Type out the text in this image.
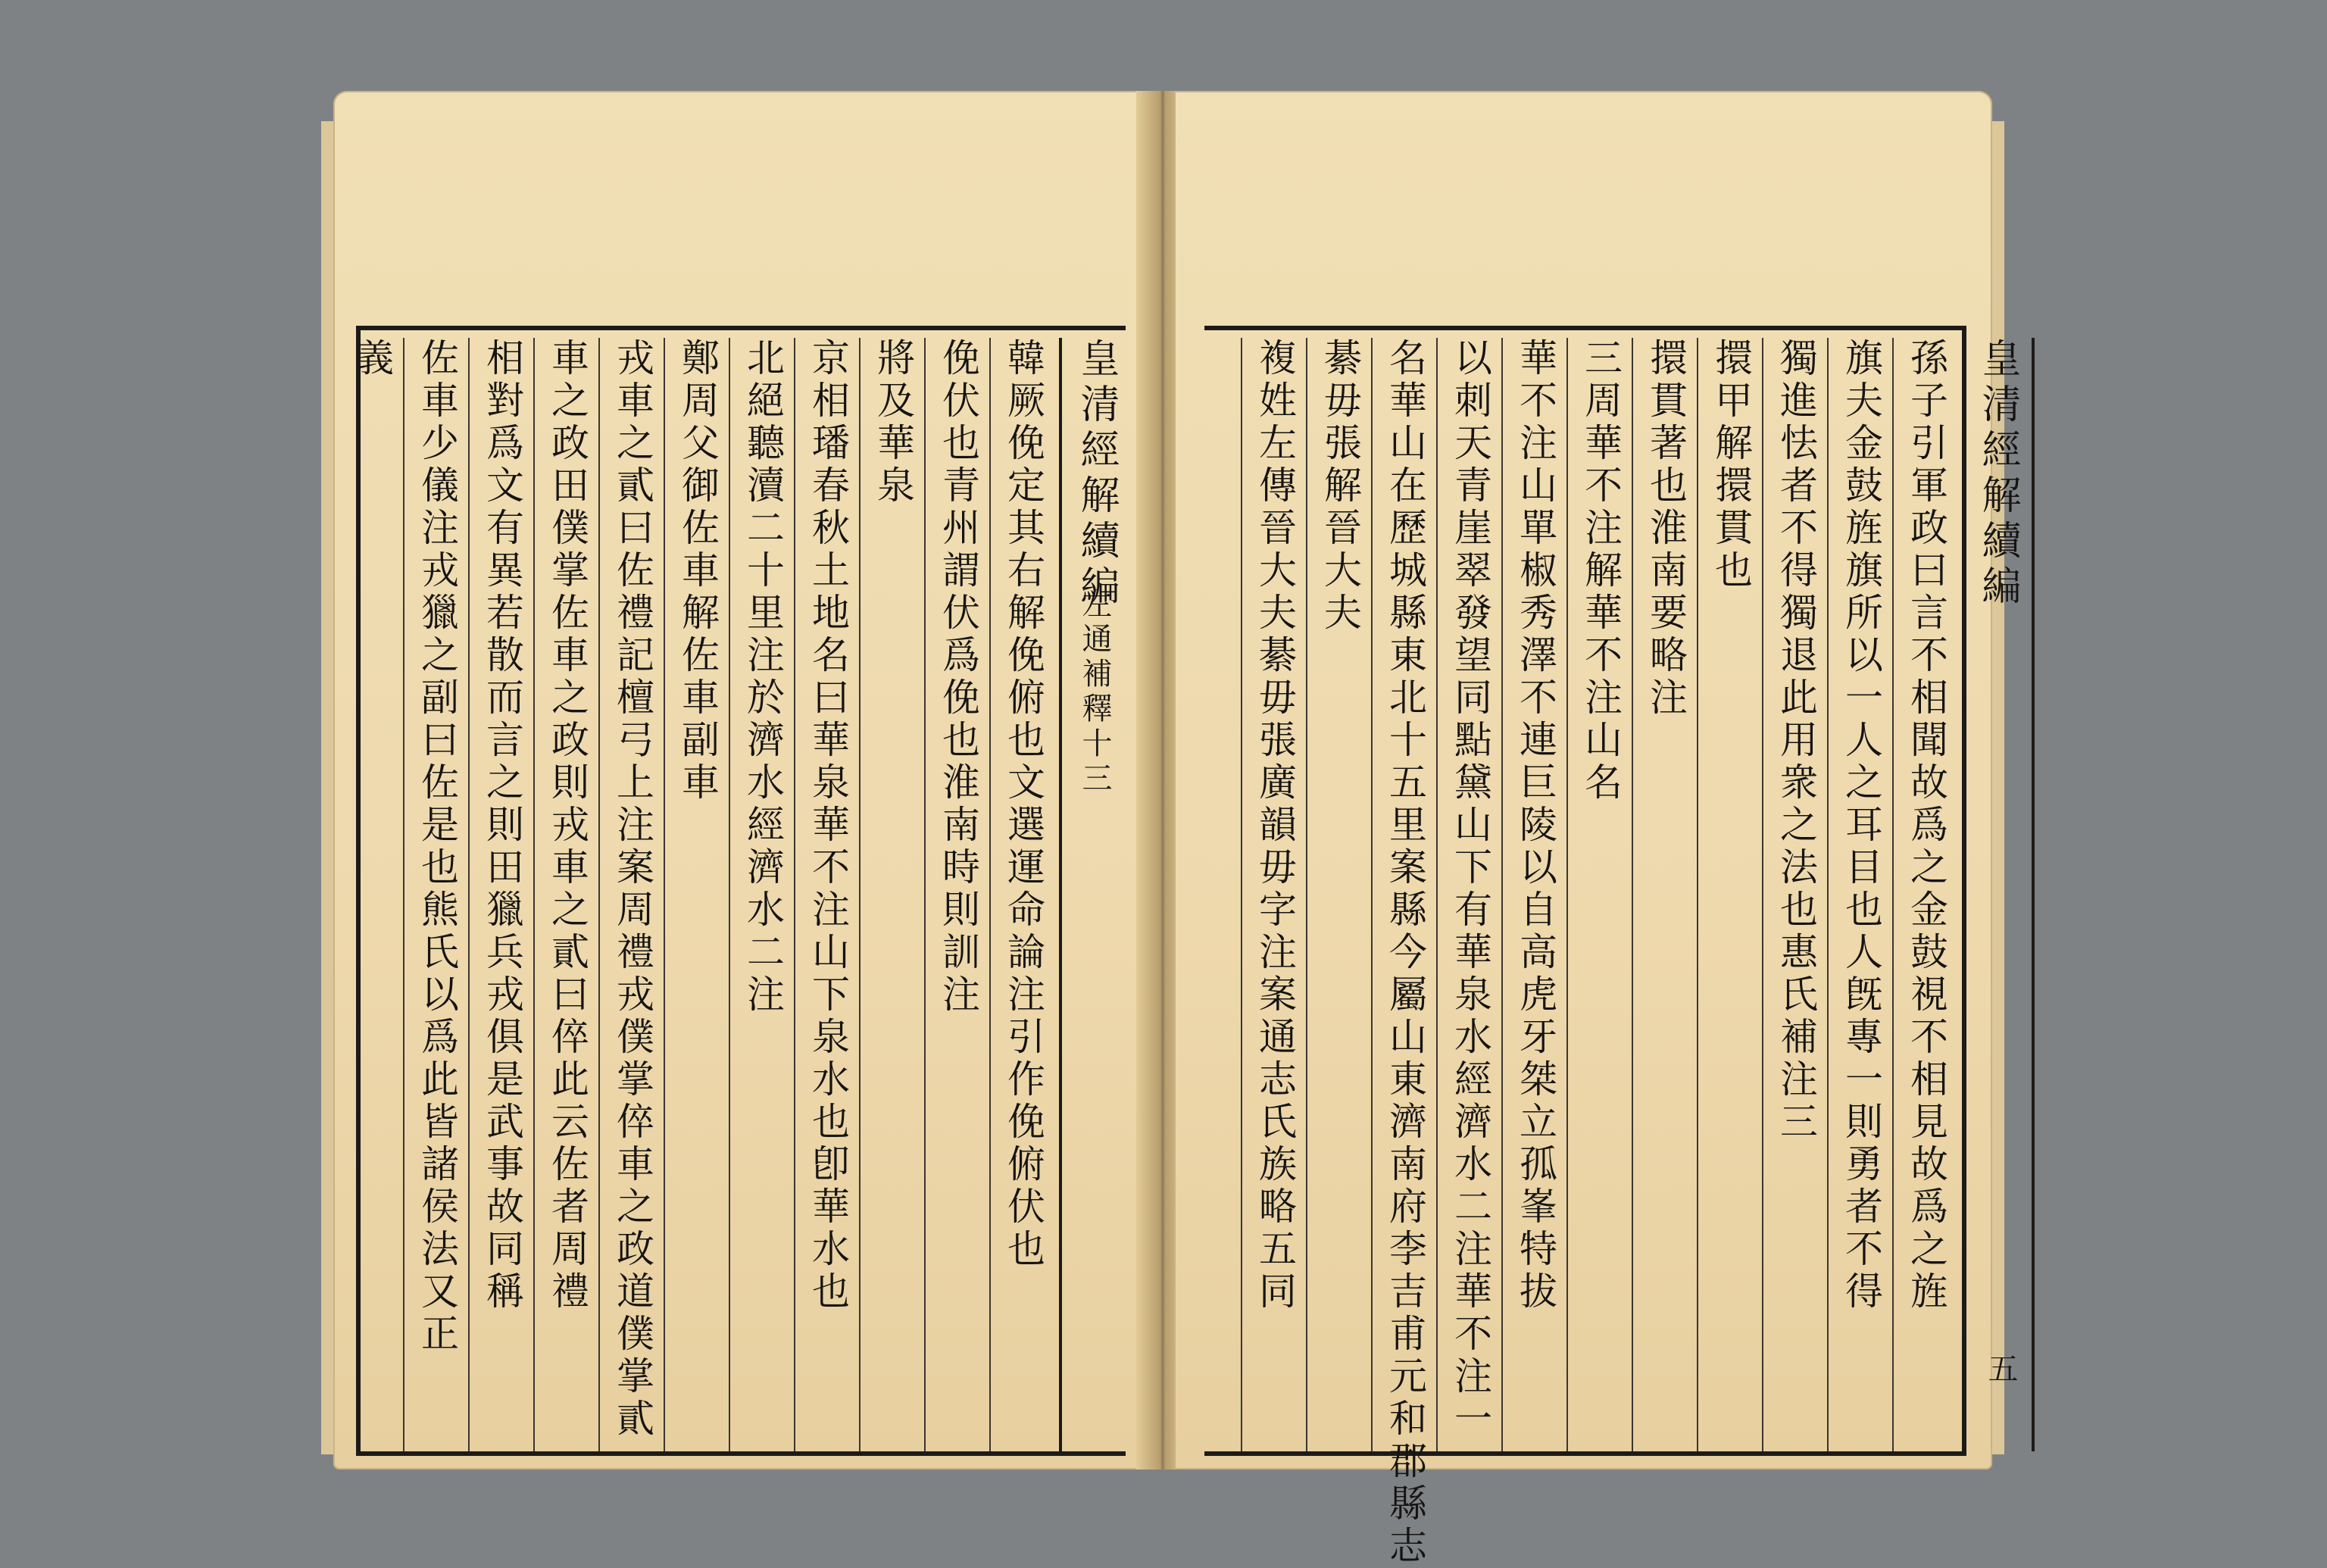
皇清經解續編
左通補釋十三
韓厥俛定其右解俛俯也文選運命論注引作俛俯伏也
俛伏也青州謂伏爲俛也淮南時則訓注
將及華泉
京相璠春秋土地名曰華泉華不注山下泉水也卽華水也
北絕聽瀆二十里注於濟水經濟水二注
鄭周父御佐車解佐車副車
戎車之貳曰佐禮記檀弓上注案周禮戎僕掌倅車之政道僕掌貳
車之政田僕掌佐車之政則戎車之貳曰倅此云佐者周禮
相對爲文有異若散而言之則田獵兵戎俱是武事故同稱
佐車少儀注戎獵之副曰佐是也熊氏以爲此皆諸侯法又正
義	皇清經解續編
五
孫子引軍政曰言不相聞故爲之金鼓視不相見故爲之旌
旗夫金鼓旌旗所以一人之耳目也人旣專一則勇者不得
獨進怯者不得獨退此用衆之法也惠氏補注三
擐甲解擐貫也
擐貫著也淮南要略注
三周華不注解華不注山名
華不注山單椒秀澤不連巨陵以自高虎牙桀立孤峯特拔
以刺天青崖翠發望同點黛山下有華泉水經濟水二注華不注一
名華山在歷城縣東北十五里案縣今屬山東濟南府李吉甫元和郡縣志
綦毋張解晉大夫
複姓左傳晉大夫綦毋張廣韻毋字注案通志氏族略五同
